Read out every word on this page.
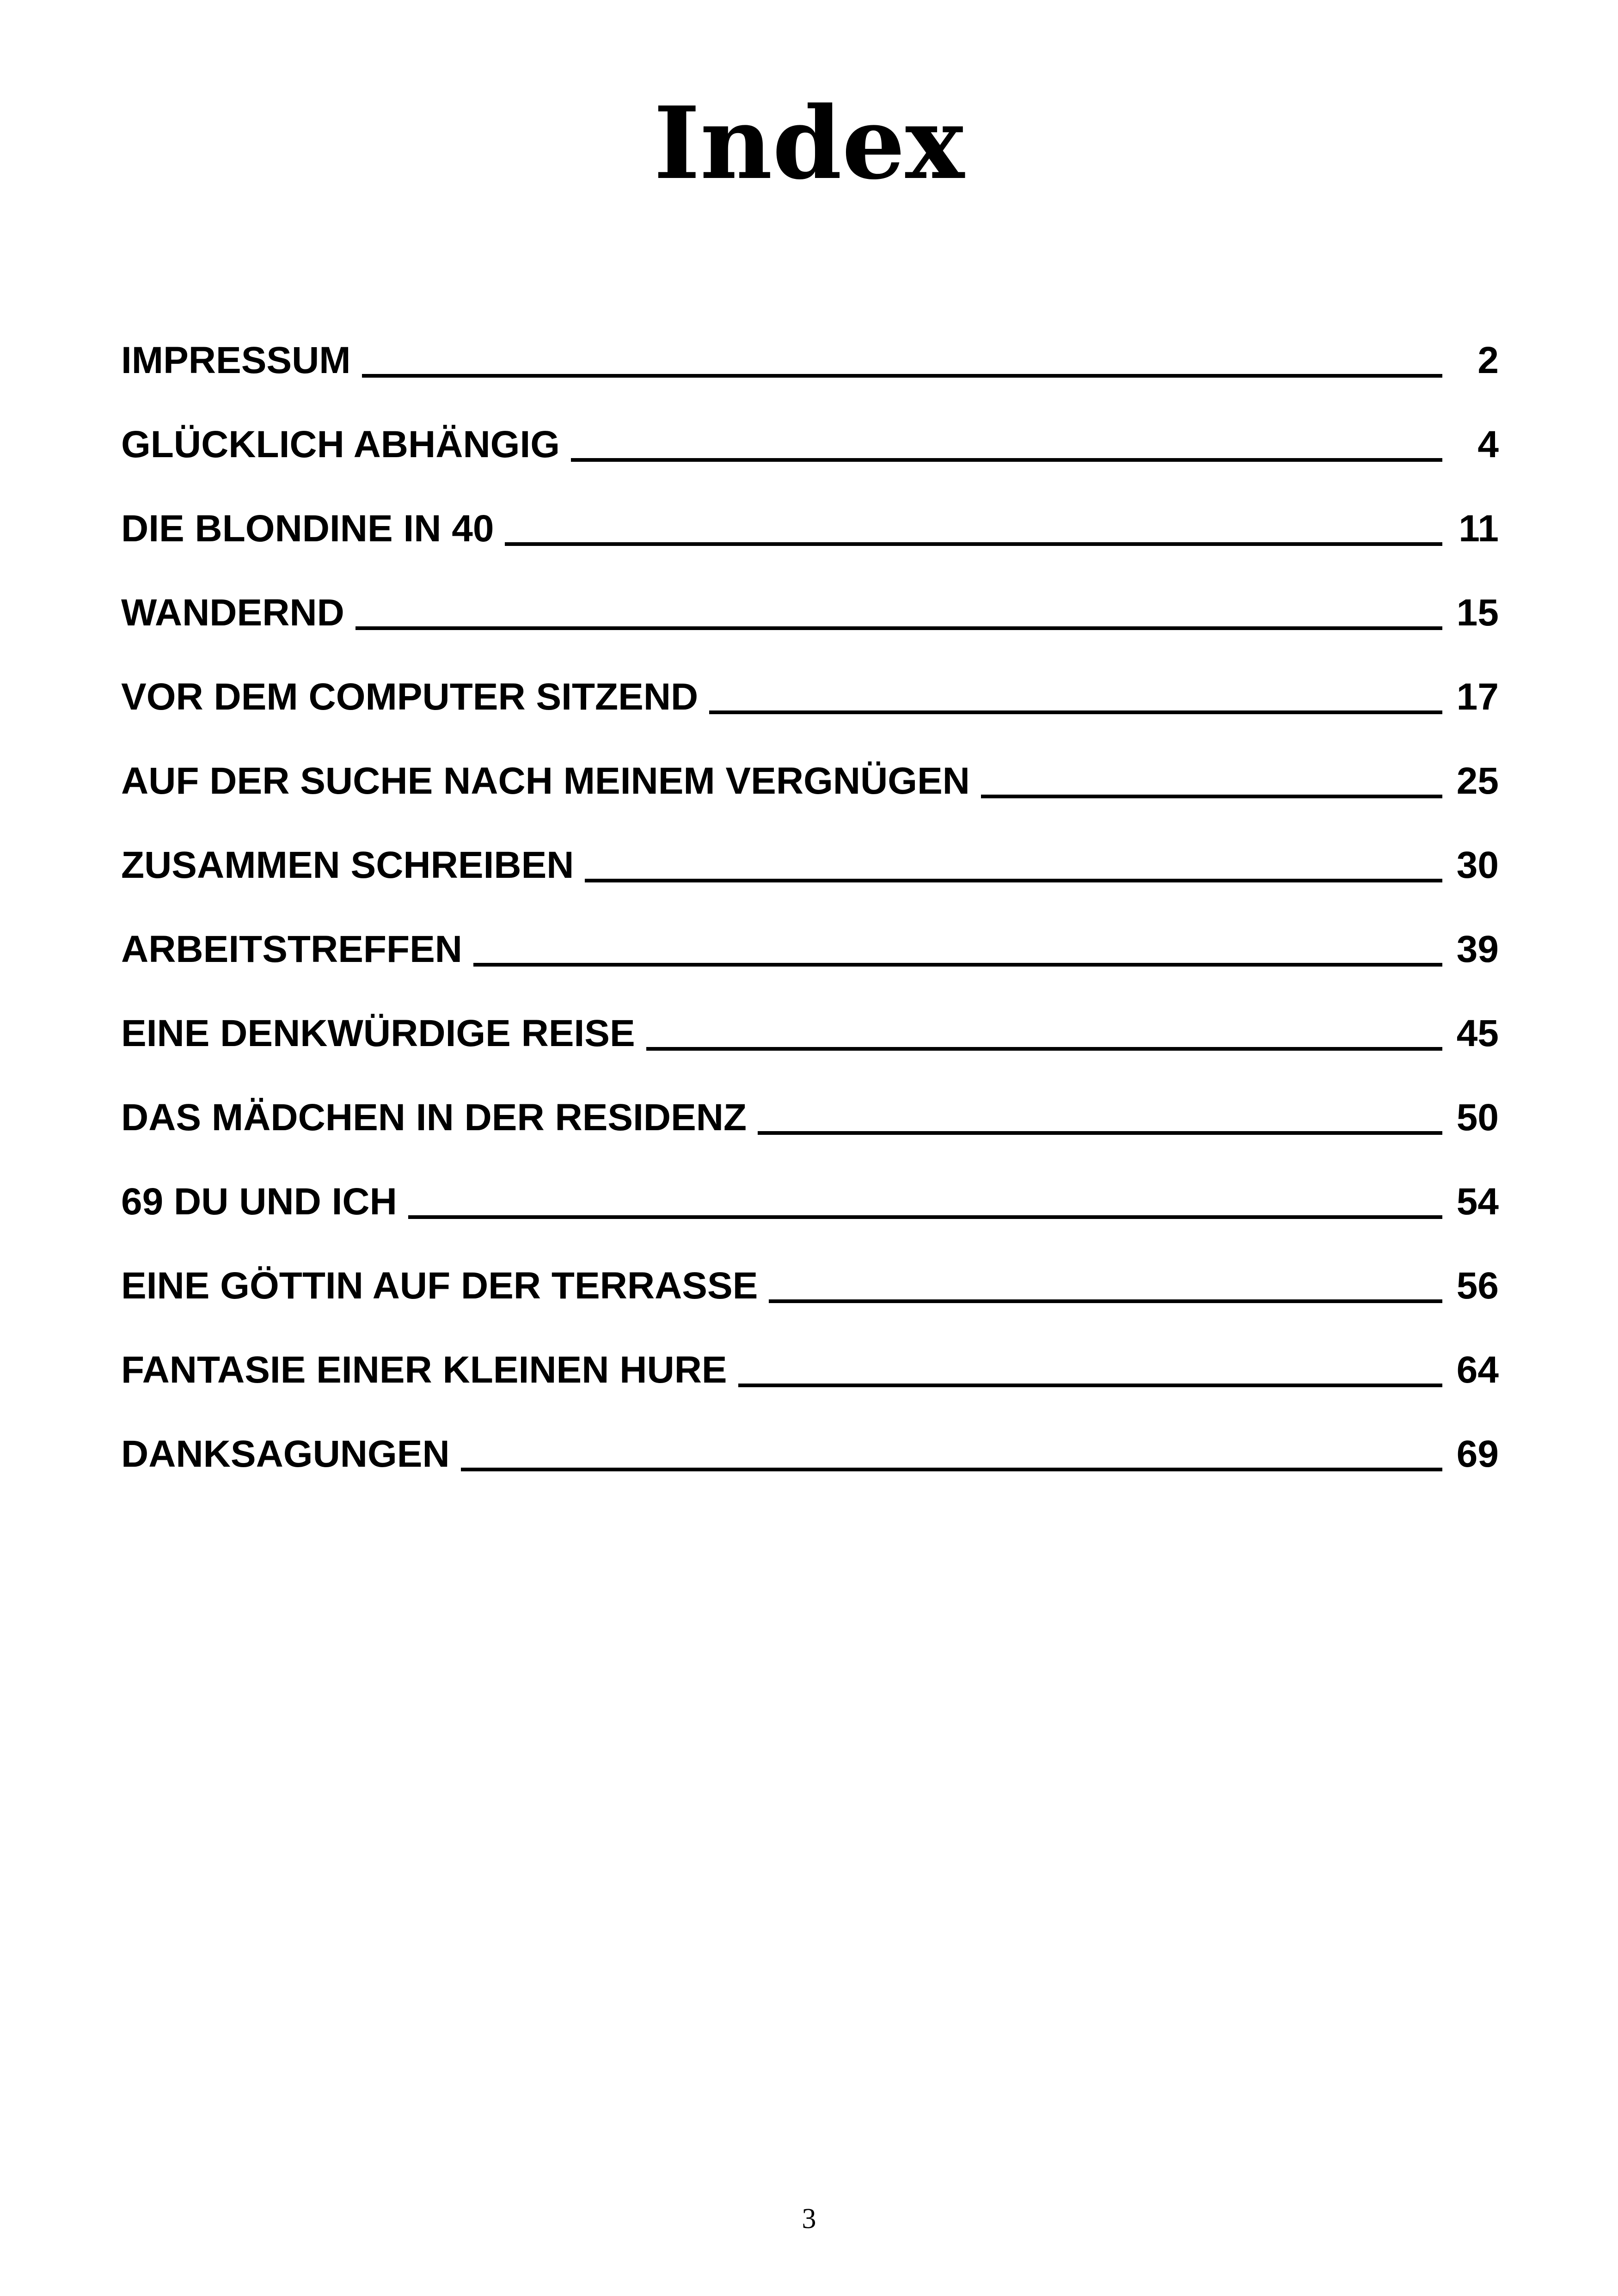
Index
IMPRESSUM	2
GLÜCKLICH ABHÄNGIG	4
DIE BLONDINE IN 40	11
WANDERND	15
VOR DEM COMPUTER SITZEND	17
AUF DER SUCHE NACH MEINEM VERGNÜGEN	25
ZUSAMMEN SCHREIBEN	30
ARBEITSTREFFEN	39
EINE DENKWÜRDIGE REISE	45
DAS MÄDCHEN IN DER RESIDENZ	50
69 DU UND ICH	54
EINE GÖTTIN AUF DER TERRASSE	56
FANTASIE EINER KLEINEN HURE	64
DANKSAGUNGEN	69
3
